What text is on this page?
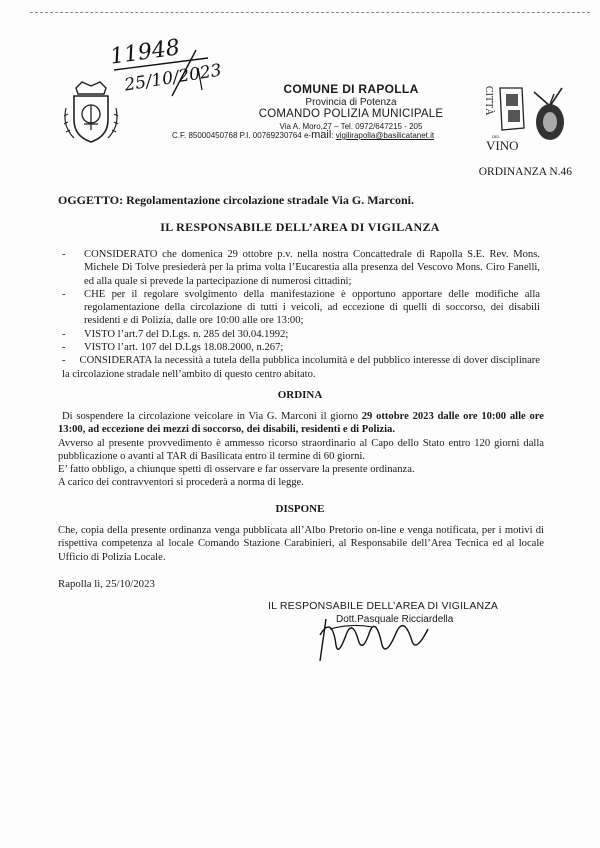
11948
25/10/2023	COMUNE DI RAPOLLA
Provincia di Potenza
COMANDO POLIZIA MUNICIPALE
Via A. Moro,27 – Tel. 0972/647215 - 205
C.F. 85000450768 P.I. 00769230764 e-mail: vigilirapolla@basilicatanet.it
CITTÀ
DEL
VINO
ORDINANZA N.46
OGGETTO: Regolamentazione circolazione stradale Via G. Marconi.
IL RESPONSABILE DELL’AREA DI VIGILANZA
- CONSIDERATO che domenica 29 ottobre p.v. nella nostra Concattedrale di Rapolla S.E. Rev. Mons. Michele Di Tolve presiederà per la prima volta l’Eucarestia alla presenza del Vescovo Mons. Ciro Fanelli, ed alla quale si prevede la partecipazione di numerosi cittadini;
- CHE per il regolare svolgimento della manifestazione è opportuno apportare delle modifiche alla regolamentazione della circolazione di tutti i veicoli, ad eccezione di quelli di soccorso, dei disabili residenti e di Polizia, dalle ore 10:00 alle ore 13:00;
- VISTO l’art.7 del D.Lgs. n. 285 del 30.04.1992;
- VISTO l’art. 107 del D.Lgs 18.08.2000, n.267;
- CONSIDERATA la necessità a tutela della pubblica incolumità e del pubblico interesse di dover disciplinare la circolazione stradale nell’ambito di questo centro abitato.
ORDINA

Di sospendere la circolazione veicolare in Via G. Marconi il giorno 29 ottobre 2023 dalle ore 10:00 alle ore 13:00, ad eccezione dei mezzi di soccorso, dei disabili, residenti e di Polizia.

Avverso al presente provvedimento è ammesso ricorso straordinario al Capo dello Stato entro 120 giorni dalla pubblicazione o avanti al TAR di Basilicata entro il termine di 60 giorni.

E’ fatto obbligo, a chiunque spetti di osservare e far osservare la presente ordinanza.

A carico dei contravventori si procederà a norma di legge.

DISPONE

Che, copia della presente ordinanza venga pubblicata all’Albo Pretorio on-line e venga notificata, per i motivi di rispettiva competenza al locale Comando Stazione Carabinieri, al Responsabile dell’Area Tecnica ed al locale Ufficio di Polizia Locale.

Rapolla lì, 25/10/2023
IL RESPONSABILE DELL’AREA DI VIGILANZA
Dott.Pasquale Ricciardella
